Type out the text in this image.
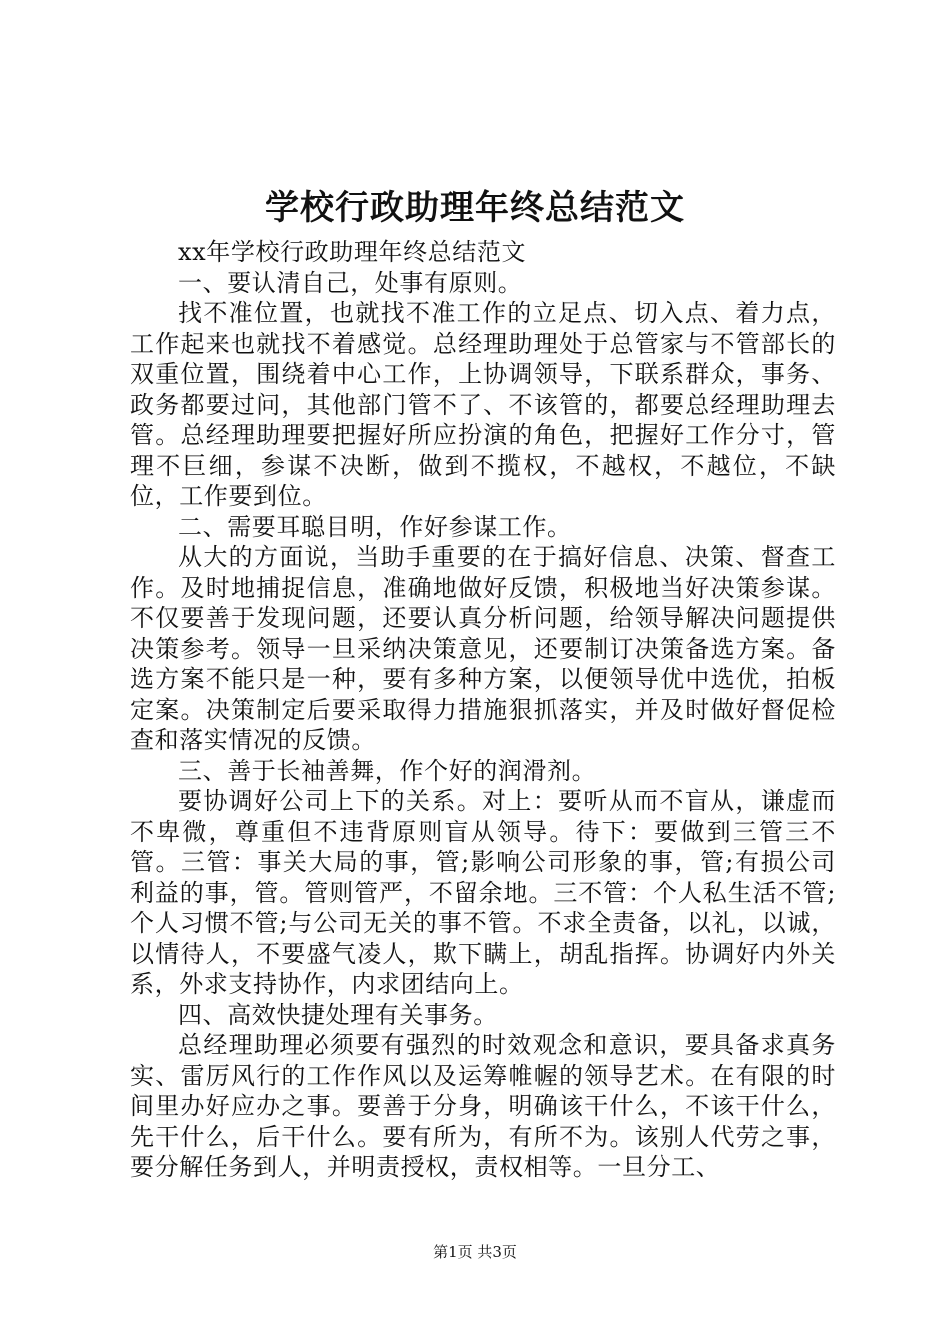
学校行政助理年终总结范文

xx年学校行政助理年终总结范文

一、要认清自己，处事有原则。

找不准位置，也就找不准工作的立足点、切入点、着力点，工作起来也就找不着感觉。总经理助理处于总管家与不管部长的双重位置，围绕着中心工作，上协调领导，下联系群众，事务、政务都要过问，其他部门管不了、不该管的，都要总经理助理去管。总经理助理要把握好所应扮演的角色，把握好工作分寸，管理不巨细，参谋不决断，做到不揽权，不越权，不越位，不缺位，工作要到位。

二、需要耳聪目明，作好参谋工作。

从大的方面说，当助手重要的在于搞好信息、决策、督查工作。及时地捕捉信息，准确地做好反馈，积极地当好决策参谋。不仅要善于发现问题，还要认真分析问题，给领导解决问题提供决策参考。领导一旦采纳决策意见，还要制订决策备选方案。备选方案不能只是一种，要有多种方案，以便领导优中选优，拍板定案。决策制定后要采取得力措施狠抓落实，并及时做好督促检查和落实情况的反馈。

三、善于长袖善舞，作个好的润滑剂。

要协调好公司上下的关系。对上：要听从而不盲从，谦虚而不卑微，尊重但不违背原则盲从领导。待下：要做到三管三不管。三管：事关大局的事，管;影响公司形象的事，管;有损公司利益的事，管。管则管严，不留余地。三不管：个人私生活不管;个人习惯不管;与公司无关的事不管。不求全责备，以礼，以诚，以情待人，不要盛气凌人，欺下瞒上，胡乱指挥。协调好内外关系，外求支持协作，内求团结向上。

四、高效快捷处理有关事务。

总经理助理必须要有强烈的时效观念和意识，要具备求真务实、雷厉风行的工作作风以及运筹帷幄的领导艺术。在有限的时间里办好应办之事。要善于分身，明确该干什么，不该干什么，先干什么，后干什么。要有所为，有所不为。该别人代劳之事，要分解任务到人，并明责授权，责权相等。一旦分工、

第1页 共3页
